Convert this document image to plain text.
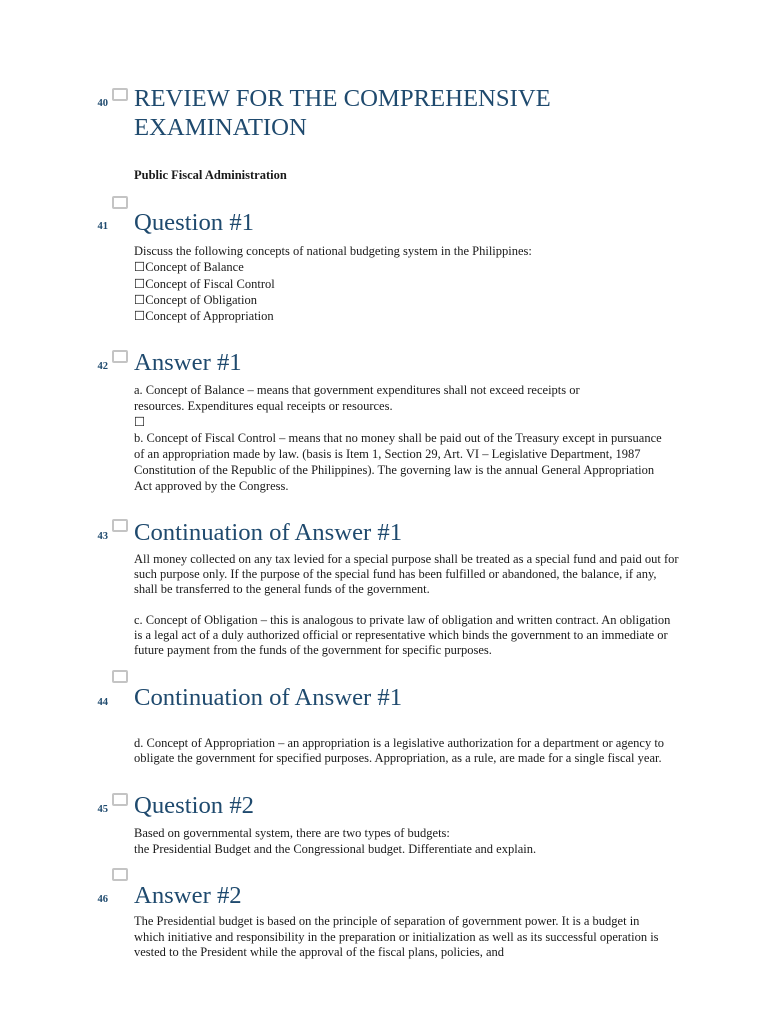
40 REVIEW FOR THE COMPREHENSIVE EXAMINATION
Public Fiscal Administration
41 Question #1
Discuss the following concepts of national budgeting system in the Philippines:
☐Concept of Balance
☐Concept of Fiscal Control
☐Concept of Obligation
☐Concept of Appropriation
42 Answer #1
a. Concept of Balance – means that government expenditures shall not exceed receipts or
resources. Expenditures equal receipts or resources.
☐
b. Concept of Fiscal Control – means that no money shall be paid out of the Treasury except in pursuance
of an appropriation made by law. (basis is Item 1, Section 29, Art. VI – Legislative Department, 1987
Constitution of the Republic of the Philippines). The governing law is the annual General Appropriation
Act approved by the Congress.
43 Continuation of Answer #1
All money collected on any tax levied for a special purpose shall be treated as a special fund and paid out for
such purpose only. If the purpose of the special fund has been fulfilled or abandoned, the balance, if any,
shall be transferred to the general funds of the government.
c. Concept of Obligation – this is analogous to private law of obligation and written contract. An obligation
is a legal act of a duly authorized official or representative which binds the government to an immediate or
future payment from the funds of the government for specific purposes.
44 Continuation of Answer #1
d. Concept of Appropriation – an appropriation is a legislative authorization for a department or agency to
obligate the government for specified purposes. Appropriation, as a rule, are made for a single fiscal year.
45 Question #2
Based on governmental system, there are two types of budgets:
the Presidential Budget and the Congressional budget. Differentiate and explain.
46 Answer #2
The Presidential budget is based on the principle of separation of government power. It is a budget in
which initiative and responsibility in the preparation or initialization as well as its successful operation is
vested to the President while the approval of the fiscal plans, policies, and
